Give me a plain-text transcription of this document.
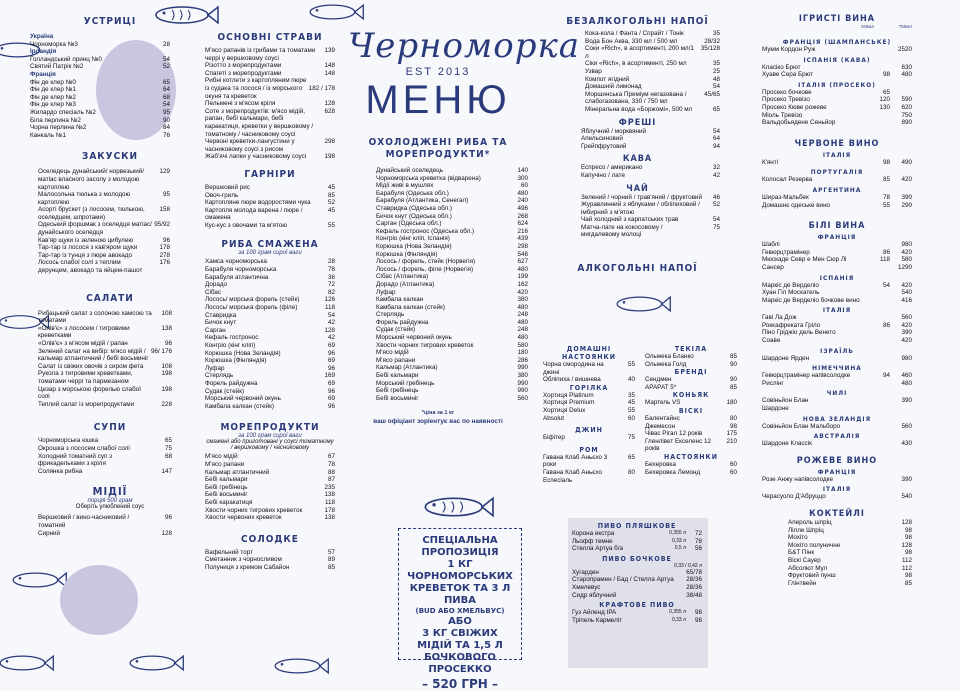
УСТРИЦІ
Україна
Чорноморка №3	28
Ірландія
Голландський принц №0	54
Святий Патрік №2	52
Франція
Фін де клер №0	65
Фін де клер №1	64
Фін де клер №2	68
Фін де клер №3	54
Жилардо спесіаль №2	95
Біла перлина №2	90
Чорна перлина №2	84
Канкаль №1	76
ЗАКУСКИ
Оселедець дунайський/ норвезький/ матіас власного засолу з молодою картоплею
129
Малосольна тюлька з молодою картоплею
95
Асорті брускет (з лососем, тюлькою, оселедцем, шпротами)
158
Одеський форшмак з оселедця матіас/ дунайського оселедця
95/92
Кав'яр щуки із зеленою цибулею	96
Тар-тар із лосося з кав'яром щуки	178
Тар-тар із тунця з пюре авокадо	278
Лосось слабої солі з теплим дерунцем, авокадо та яйцем-пашот
176
САЛАТИ
Рибацький салат з солоною хамсою та томатами
108
«Олів'є» з лососем / тигровими креветками
138
«Олів'є» з м'ясом мідій / рапан	96
Зелений салат на вибір: м'ясо мідій / кальмар атлантичний / бебі восьминіг
96/ 176
Салат із свіжих овочів з сиром фета	108
Рукола з тигровими креветками, томатами черрі та пармезаном
198
Цезар з морською форелью слабої солі
198
Теплий салат із морепродуктами	228
СУПИ
Чорноморська юшка	65
Окрошка з лососем слабої солі	75
Холодний томатний суп з фрикадельками з кріля
68
Солянка рибна	147
МІДІЇ
порція 500 грам
Оберіть улюблений соус
Вершковий / вино-часниковий / томатний
96
Сирний	128
ОСНОВНІ СТРАВИ
М'ясо рапанів із грибами та томатами черрі у вершковому соусі
139
Різотто з морепродуктами	148
Спагеті з морепродуктами	148
Рибні котлети з картопляним пюре
із судака та лосося / із морського окуня та креветок
182 / 178
Пельмені з м'ясом кріля	128
Соте з морепродуктів: м'ясо мідій, рапан, бебі кальмари, бебі каракатиця, креветки у вершковому / томатному / часниковому соусі
628
Червоні креветки-лангустини у часниковому соусі з рисом
298
Жаб'ячі лапки у часниковому соусі	198
ГАРНІРИ
Вершковий рис	45
Овоч-гриль	85
Картопляне пюре водоростями чука	52
Картопля молода варена / пюре / смажена
45
Кус-кус з овочами та м'ятою	55
РИБА СМАЖЕНА
за 100 грам сирої ваги
Хамса чорноморська	28
Барабуля чорноморська	78
Барабуля атлантична	36
Дорадо	72
Сібас	82
Лосось/ морська форель (стейк)	126
Лосось/ морська форель (філе)	118
Ставридка	54
Бичок кнут	42
Сарган	128
Кефаль гостронос	42
Конгріо (кінг кліп)	69
Корюшка (Нова Зеландія)	96
Корюшка (Фінляндія)	69
Луфар	96
Стерлядь	169
Форель райдужна	69
Судак (стейк)	96
Морський червоний окунь	69
Камбала калкан (стейк)	96
МОРЕПРОДУКТИ
за 100 грам сирої ваги
смажені або приготовані у соусі томатному / вершковому / часниковому
М'ясо мідій	67
М'ясо рапани	78
Кальмар атлантичний	88
Бебі кальмари	87
Бебі гребінець	235
Бебі восьминіг	138
Бебі каракатиця	118
Хвости чорних тигрових креветок	178
Хвости червоних креветок	138
СОЛОДКЕ
Вафельний торт	57
Сметанник з чорносливом	89
Полуниця з кремом Сабайон	85
Черноморка
EST 2013
МЕНЮ
ОХОЛОДЖЕНІ РИБА ТА МОРЕПРОДУКТИ*
Дунайський оселедець	140
Чорноморська креветка (відварена)	300
Мідії живі в мушлях	60
Барабуля (Одеська обл.)	480
Барабуля (Атлантика, Сенегал)	240
Ставридка (Одеська обл.)	496
Бичок кнут (Одеська обл.)	268
Сарган (Одеська обл.)	624
Кефаль гостронос (Одеська обл.)	216
Конгріо (кінг кліп, Іспанія)	439
Корюшка (Нова Зеландія)	298
Корюшка (Фінляндія)	546
Лосось / форель, стейк (Норвегія)	627
Лосось / форель, філе (Норвегія)	480
Сібас (Атлантика)	199
Дорадо (Атлантика)	162
Луфар	420
Камбала калкан	380
Камбала калкан (стейк)	480
Стерлядь	248
Форель райдужна	480
Судак (стейк)	248
Морський червоний окунь	480
Хвости чорних тигрових креветок	580
М'ясо мідій	180
М'ясо рапани	286
Кальмар (Атлантика)	990
Бебі кальмари	380
Морський гребінець	990
Бебі гребінець	990
Бебі восьминіг	560
*ціна за 1 кг
ваш офіціант зоріентує вас по наявності
СПЕЦІАЛЬНА ПРОПОЗИЦІЯ
1 КГ ЧОРНОМОРСЬКИХ КРЕВЕТОК ТА 3 Л ПИВА
(BUD АБО ХМЕЛЬВУС)
АБО
3 КГ СВІЖИХ МІДІЙ ТА 1,5 Л БОЧКОВОГО ПРОСЕККО
– 520 ГРН –
БЕЗАЛКОГОЛЬНІ НАПОЇ
Кока-кола / Фанта / Спрайт / Тонік	35
Вода Бон Аква, 330 мл / 500 мл	28/32
Соки «Rich», в асортименті, 200 мл/1 л
35/128
Сіки «Rich», в асортименті, 250 мл	35
Узвар	25
Компот ягідний	48
Домашній лимонад	54
Моршинська Преміум негазована / слабогазована, 330 / 750 мл
45/65
Мінеральна вода «Боржомі», 500 мл	65
ФРЕШІ
Яблучний / морквяний	54
Апельсиновий	64
Грейпфрутовий	94
КАВА
Еспресо / американо	32
Капучіно / лате	42
ЧАЙ
Зелений / чорний / трав'яний / фруктовий	46
Журавлинний з яблуками / обліпиховий / імбирний з м'ятою
52
Чай холодний з карпатських трав	54
Матча-лате на кокосовому / мигдалевому молоці
75
АЛКОГОЛЬНІ НАПОЇ
ДОМАШНІ НАСТОЯНКИ
Чорна смородина на джині
55
Обліпиха / вишнева	40
ГОРІЛКА
Хортиця Platinum	35
Хортиця Premium	45
Хортиця Delux	55
Absolut	60
ДЖИН
Біфітер	75
РОМ
Гавана Клаб Аньєхо 3 роки
65
Гавана Клаб Аньєхо Еспесіаль
80
ТЕКІЛА
Ольмека Бланко	85
Ольмека Голд	90
БРЕНДІ
Сендмен	90
АРАРАТ 5*	85
КОНЬЯК
Мартель VS	180
ВІСКІ
Балентайнс	80
Джемесон	98
Чівас Рігал 12 років	175
Гленлівет Екселенс 12 років
210
НАСТОЯНКИ
Бехеровка	60
Бехеровка Лемонд	60
ПИВО ПЛЯШКОВЕ
Корона екстра	0,355 л	72
Льофф темне	0,33 л	78
Стелла Артуа б/а	0,5 л	56
ПИВО БОЧКОВЕ
0,33 / 0,42 л
Хугарден	65/78
Старопрамен / Бад / Стелла Артуа	28/36
Хмелевус	28/36
Сидр яблучний	38/48
КРАФТОВЕ ПИВО
Гуз Айленд IPA	0,355 л	98
Тріпель Кармеліт	0,33 л	98
ІГРИСТІ ВИНА
150мл	750мл
ФРАНЦІЯ (ШАМПАНСЬКЕ)
Мумм Кордон Руж	2520
ІСПАНІЯ (КАВА)
Класіко Брют	630
Хуаве Сера Брют	98	480
ІТАЛІЯ (ПРОСЕКО)
Просеко бочкове	65
Просеко Тревізо	120	590
Просеко Кюве рожеве	130	620
Міоль Тревізо	750
Вальдобьядене Сеньйор	890
ЧЕРВОНЕ ВИНО
ІТАЛІЯ
К'янті	98	490
ПОРТУГАЛІЯ
Колосал Резерва	85	420
АРГЕНТИНА
Шираз-Мальбек	78	390
Домашнє одеське вино	55	290
БІЛІ ВИНА
ФРАНЦІЯ
Шаблі	980
Гевюрцтрамінер	86	420
Мюскаде Севр е Мен Сюр Лі	118	580
Сансер	1290
ІСПАНІЯ
Маркіс де Верделіо	54	420
Хуан Гіл Москатель	540
Маркіс де Верделіо бочкове вино	416
ІТАЛІЯ
Гаві Ла Дож	560
Роккафреката Гріло	86	420
Піно Гріджіо дель Венето	390
Соаве	420
ІЗРАЇЛЬ
Шардоне Ярден	980
НІМЕЧЧИНА
Гевюрцтрамінер напівсолодке	94	460
Рислінг	480
ЧИЛІ
Совіньйон Блан	390
Шардоне
НОВА ЗЕЛАНДІЯ
Совіньйон Блан Мальборо	560
АВСТРАЛІЯ
Шардоне Классік	430
РОЖЕВЕ ВИНО
ФРАНЦІЯ
Розе Анжу напівсолодке	390
ІТАЛІЯ
Черасуоло Д'Абруццо	540
КОКТЕЙЛІ
Апероль шпріц	128
Лілле Шпріц	98
Мохіто	98
Мохіто полуничне	128
Б&Т Пінк	98
Віскі Сауер	112
Абсолют Мул	112
Фруктовий пунш	98
Глінтвейн	85
